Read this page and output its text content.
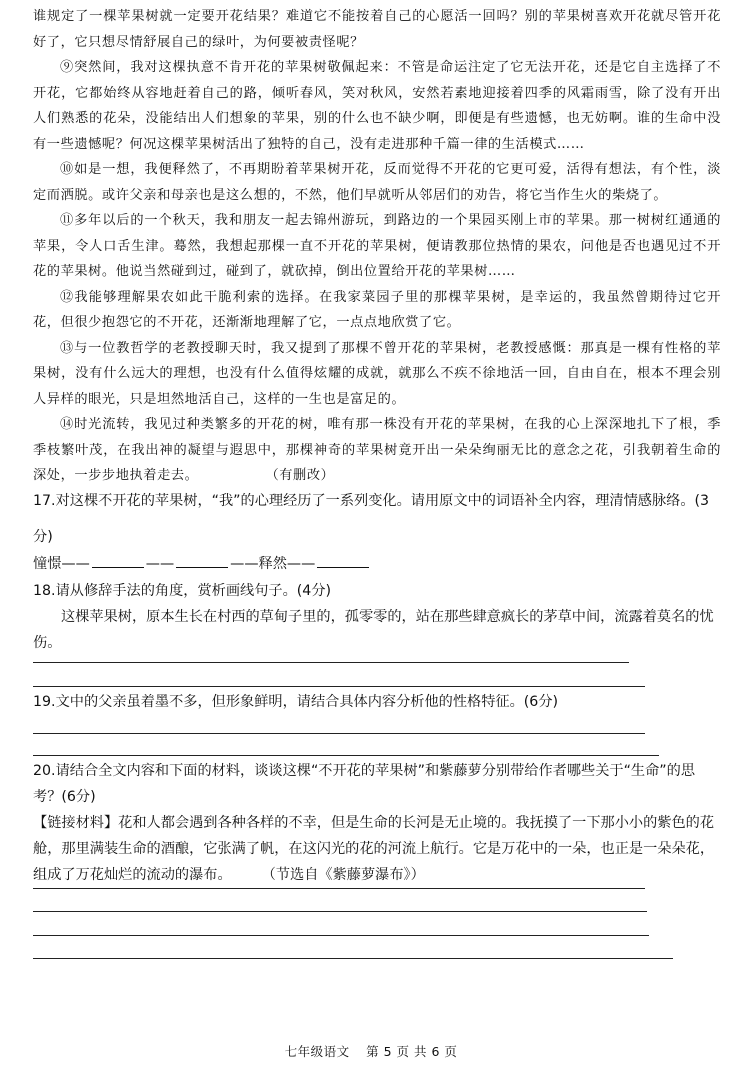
谁规定了一棵苹果树就一定要开花结果？难道它不能按着自己的心愿活一回吗？别的苹果树喜欢开花就尽管开花好了，它只想尽情舒展自己的绿叶，为何要被责怪呢？

⑨突然间，我对这棵执意不肯开花的苹果树敬佩起来：不管是命运注定了它无法开花，还是它自主选择了不开花，它都始终从容地赶着自己的路，倾听春风，笑对秋风，安然若素地迎接着四季的风霜雨雪，除了没有开出人们熟悉的花朵，没能结出人们想象的苹果，别的什么也不缺少啊，即便是有些遗憾，也无妨啊。谁的生命中没有一些遗憾呢？何况这棵苹果树活出了独特的自己，没有走进那种千篇一律的生活模式……

⑩如是一想，我便释然了，不再期盼着苹果树开花，反而觉得不开花的它更可爱，活得有想法，有个性，淡定而洒脱。或许父亲和母亲也是这么想的，不然，他们早就听从邻居们的劝告，将它当作生火的柴烧了。

⑪多年以后的一个秋天，我和朋友一起去锦州游玩，到路边的一个果园买刚上市的苹果。那一树树红通通的苹果，令人口舌生津。蓦然，我想起那棵一直不开花的苹果树，便请教那位热情的果农，问他是否也遇见过不开花的苹果树。他说当然碰到过，碰到了，就砍掉，倒出位置给开花的苹果树……

⑫我能够理解果农如此干脆利索的选择。在我家菜园子里的那棵苹果树，是幸运的，我虽然曾期待过它开花，但很少抱怨它的不开花，还渐渐地理解了它，一点点地欣赏了它。

⑬与一位教哲学的老教授聊天时，我又提到了那棵不曾开花的苹果树，老教授感慨：那真是一棵有性格的苹果树，没有什么远大的理想，也没有什么值得炫耀的成就，就那么不疾不徐地活一回，自由自在，根本不理会别人异样的眼光，只是坦然地活自己，这样的一生也是富足的。

⑭时光流转，我见过种类繁多的开花的树，唯有那一株没有开花的苹果树，在我的心上深深地扎下了根，季季枝繁叶茂，在我出神的凝望与遐思中，那棵神奇的苹果树竟开出一朵朵绚丽无比的意念之花，引我朝着生命的深处，一步步地执着走去。	（有删改）

17.对这棵不开花的苹果树，“我”的心理经历了一系列变化。请用原文中的词语补全内容，理清情感脉络。(3分)

憧憬——	——	——释然——

18.请从修辞手法的角度，赏析画线句子。(4分)

这棵苹果树，原本生长在村西的草甸子里的，孤零零的，站在那些肆意疯长的茅草中间，流露着莫名的忧伤。

19.文中的父亲虽着墨不多，但形象鲜明，请结合具体内容分析他的性格特征。(6分)

20.请结合全文内容和下面的材料，谈谈这棵“不开花的苹果树”和紫藤萝分别带给作者哪些关于“生命”的思考？(6分)

【链接材料】花和人都会遇到各种各样的不幸，但是生命的长河是无止境的。我抚摸了一下那小小的紫色的花舱，那里满装生命的酒酿，它张满了帆，在这闪光的花的河流上航行。它是万花中的一朵，也正是一朵朵花，组成了万花灿烂的流动的瀑布。 （节选自《紫藤萝瀑布》）

七年级语文 第 5 页 共 6 页
